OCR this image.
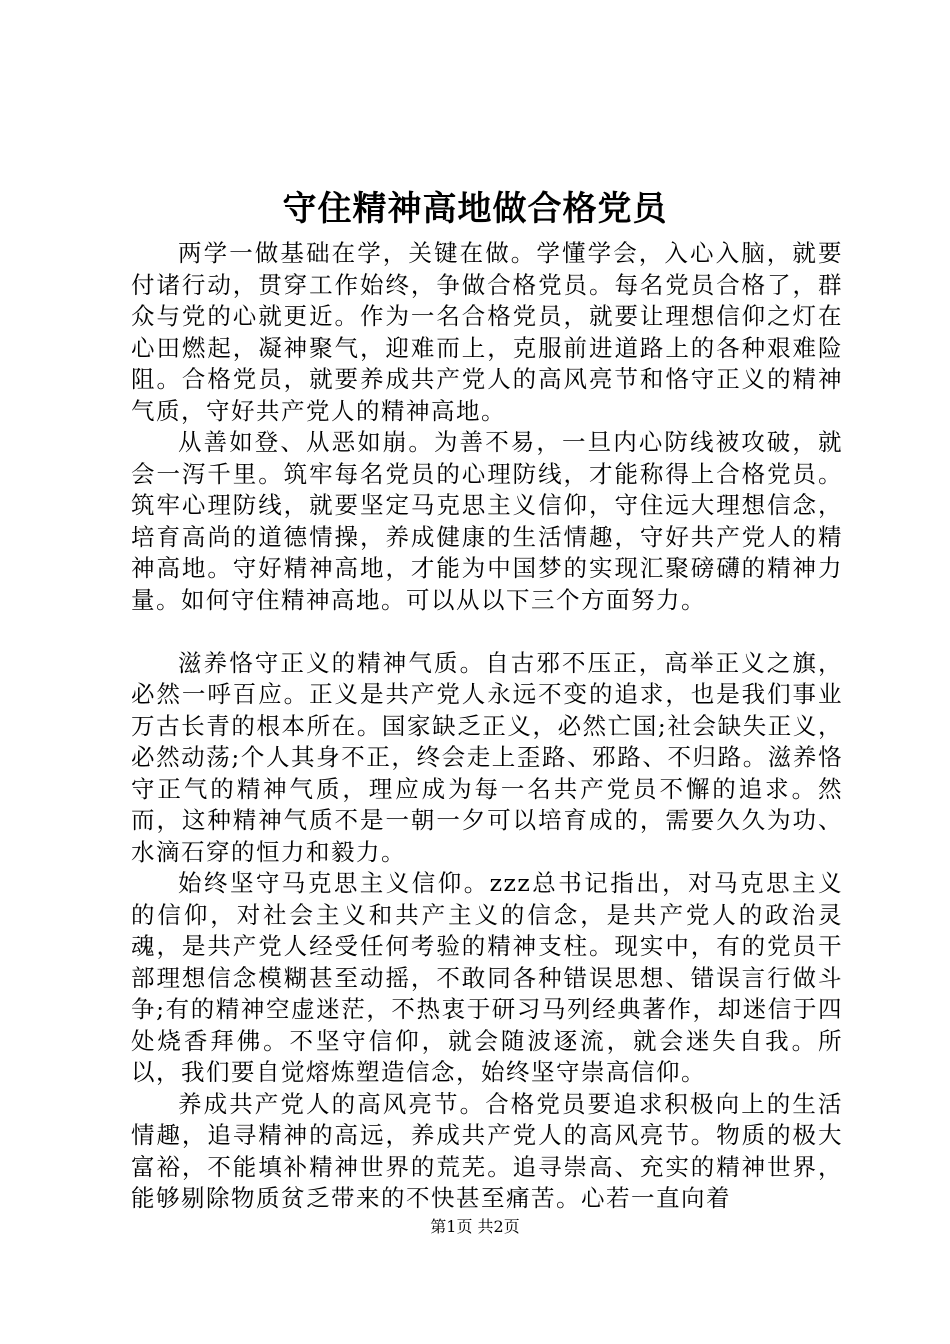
守住精神高地做合格党员

两学一做基础在学，关键在做。学懂学会，入心入脑，就要付诸行动，贯穿工作始终，争做合格党员。每名党员合格了，群众与党的心就更近。作为一名合格党员，就要让理想信仰之灯在心田燃起，凝神聚气，迎难而上，克服前进道路上的各种艰难险阻。合格党员，就要养成共产党人的高风亮节和恪守正义的精神气质，守好共产党人的精神高地。

从善如登、从恶如崩。为善不易，一旦内心防线被攻破，就会一泻千里。筑牢每名党员的心理防线，才能称得上合格党员。筑牢心理防线，就要坚定马克思主义信仰，守住远大理想信念，培育高尚的道德情操，养成健康的生活情趣，守好共产党人的精神高地。守好精神高地，才能为中国梦的实现汇聚磅礴的精神力量。如何守住精神高地。可以从以下三个方面努力。

滋养恪守正义的精神气质。自古邪不压正，高举正义之旗，必然一呼百应。正义是共产党人永远不变的追求，也是我们事业万古长青的根本所在。国家缺乏正义，必然亡国;社会缺失正义，必然动荡;个人其身不正，终会走上歪路、邪路、不归路。滋养恪守正气的精神气质，理应成为每一名共产党员不懈的追求。然而，这种精神气质不是一朝一夕可以培育成的，需要久久为功、水滴石穿的恒力和毅力。

始终坚守马克思主义信仰。zzz总书记指出，对马克思主义的信仰，对社会主义和共产主义的信念，是共产党人的政治灵魂，是共产党人经受任何考验的精神支柱。现实中，有的党员干部理想信念模糊甚至动摇，不敢同各种错误思想、错误言行做斗争;有的精神空虚迷茫，不热衷于研习马列经典著作，却迷信于四处烧香拜佛。不坚守信仰，就会随波逐流，就会迷失自我。所以，我们要自觉熔炼塑造信念，始终坚守崇高信仰。

养成共产党人的高风亮节。合格党员要追求积极向上的生活情趣，追寻精神的高远，养成共产党人的高风亮节。物质的极大富裕，不能填补精神世界的荒芜。追寻崇高、充实的精神世界，能够剔除物质贫乏带来的不快甚至痛苦。心若一直向着

第1页 共2页
